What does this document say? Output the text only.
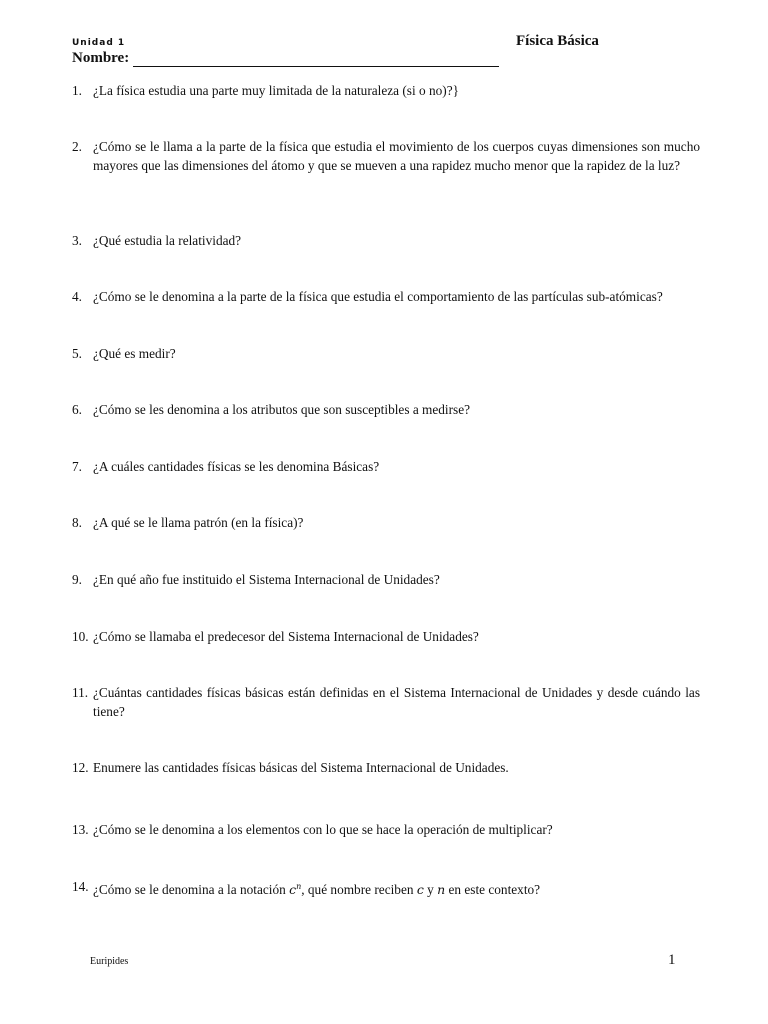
Unidad 1	Física Básica
Nombre:
1. ¿La física estudia una parte muy limitada de la naturaleza (si o no)?}
2. ¿Cómo se le llama a la parte de la física que estudia el movimiento de los cuerpos cuyas dimensiones son mucho mayores que las dimensiones del átomo y que se mueven a una rapidez mucho menor que la rapidez de la luz?
3. ¿Qué estudia la relatividad?
4. ¿Cómo se le denomina a la parte de la física que estudia el comportamiento de las partículas sub-atómicas?
5. ¿Qué es medir?
6. ¿Cómo se les denomina a los atributos que son susceptibles a medirse?
7. ¿A cuáles cantidades físicas se les denomina Básicas?
8. ¿A qué se le llama patrón (en la física)?
9. ¿En qué año fue instituido el Sistema Internacional de Unidades?
10. ¿Cómo se llamaba el predecesor del Sistema Internacional de Unidades?
11. ¿Cuántas cantidades físicas básicas están definidas en el Sistema Internacional de Unidades y desde cuándo las tiene?
12. Enumere las cantidades físicas básicas del Sistema Internacional de Unidades.
13. ¿Cómo se le denomina a los elementos con lo que se hace la operación de multiplicar?
14. ¿Cómo se le denomina a la notación $c^n$, qué nombre reciben c y n en este contexto?
Euripides	1
